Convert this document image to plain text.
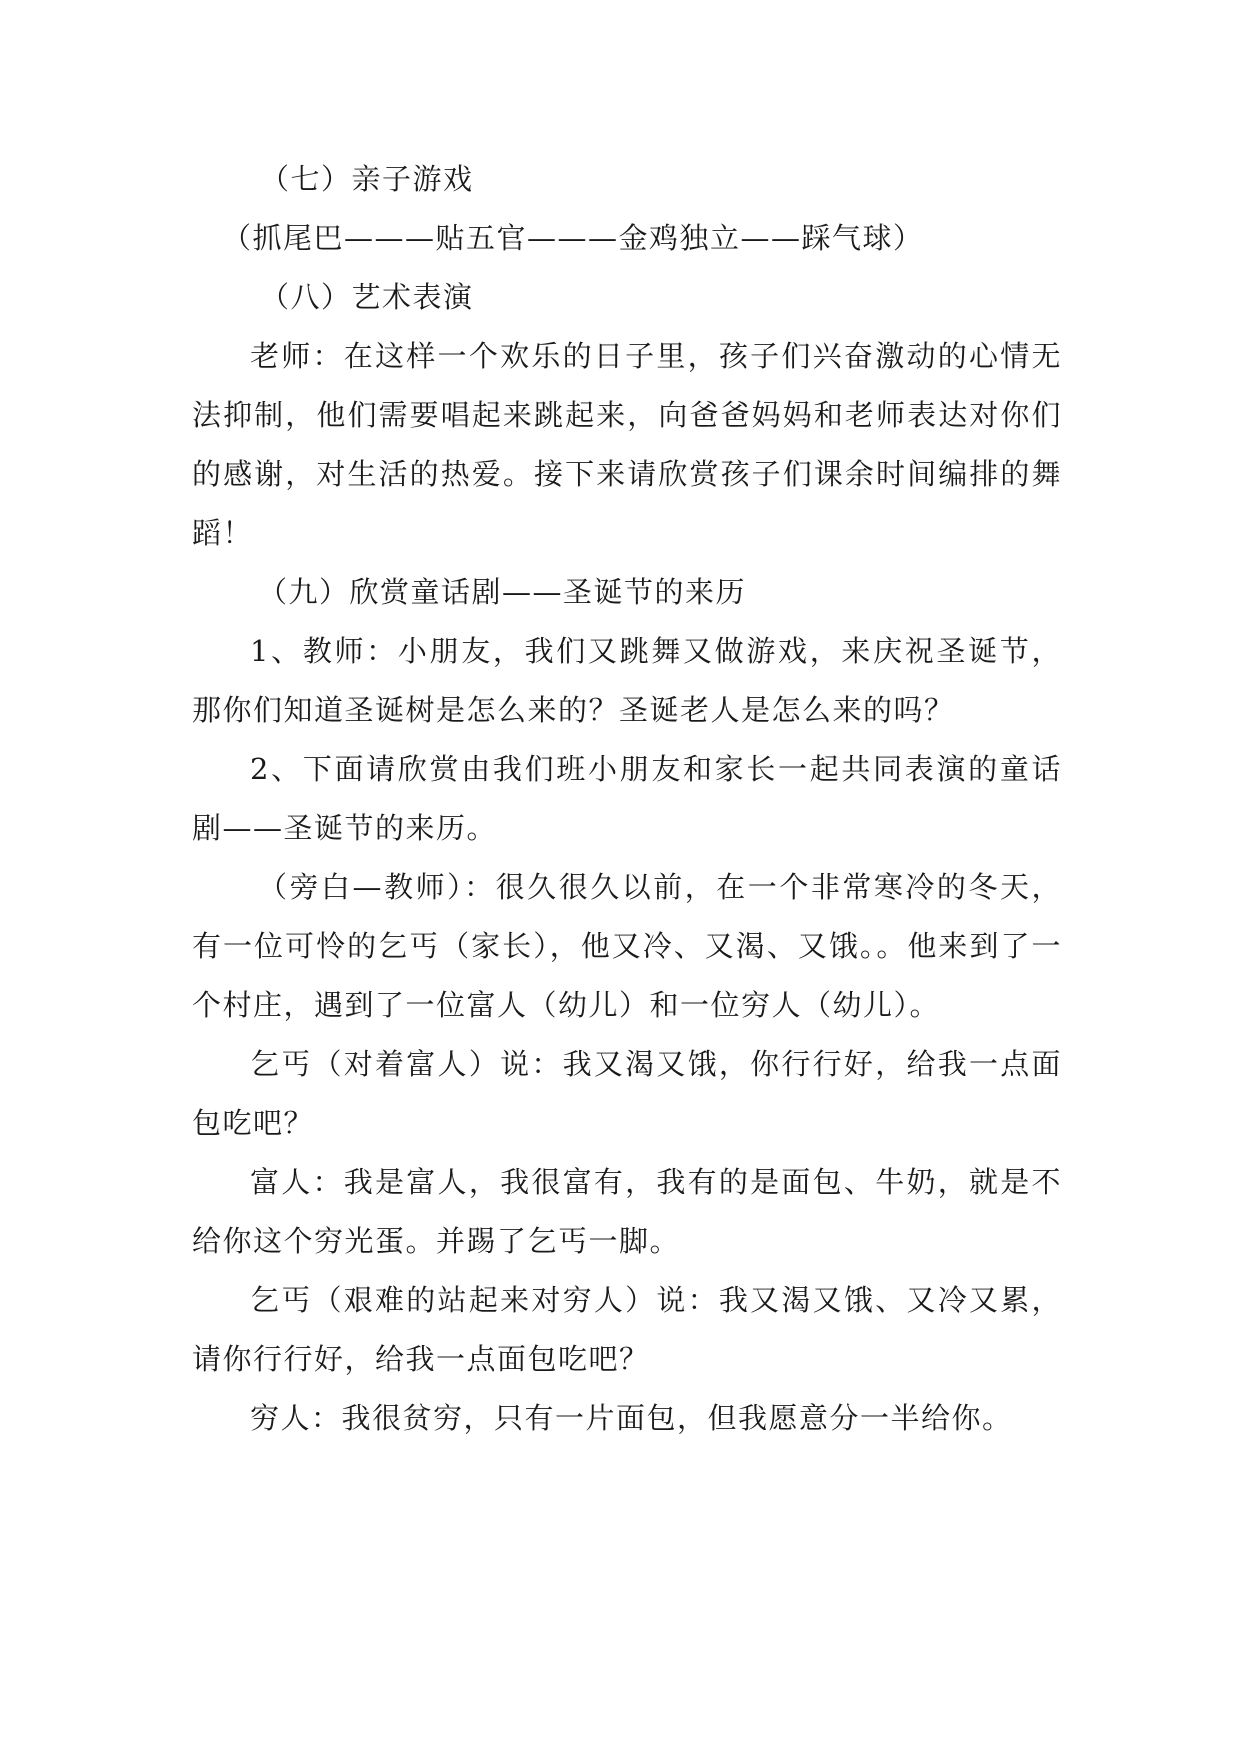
（七）亲子游戏

（抓尾巴———贴五官———金鸡独立——踩气球）

（八）艺术表演

老师：在这样一个欢乐的日子里，孩子们兴奋激动的心情无法抑制，他们需要唱起来跳起来，向爸爸妈妈和老师表达对你们的感谢，对生活的热爱。接下来请欣赏孩子们课余时间编排的舞蹈！

（九）欣赏童话剧——圣诞节的来历

1、教师：小朋友，我们又跳舞又做游戏，来庆祝圣诞节，那你们知道圣诞树是怎么来的？圣诞老人是怎么来的吗？

2、下面请欣赏由我们班小朋友和家长一起共同表演的童话剧——圣诞节的来历。

（旁白—教师）：很久很久以前，在一个非常寒冷的冬天，有一位可怜的乞丐（家长），他又冷、又渴、又饿。。他来到了一个村庄，遇到了一位富人（幼儿）和一位穷人（幼儿）。

乞丐（对着富人）说：我又渴又饿，你行行好，给我一点面包吃吧？

富人：我是富人，我很富有，我有的是面包、牛奶，就是不给你这个穷光蛋。并踢了乞丐一脚。

乞丐（艰难的站起来对穷人）说：我又渴又饿、又冷又累，请你行行好，给我一点面包吃吧？

穷人：我很贫穷，只有一片面包，但我愿意分一半给你。
